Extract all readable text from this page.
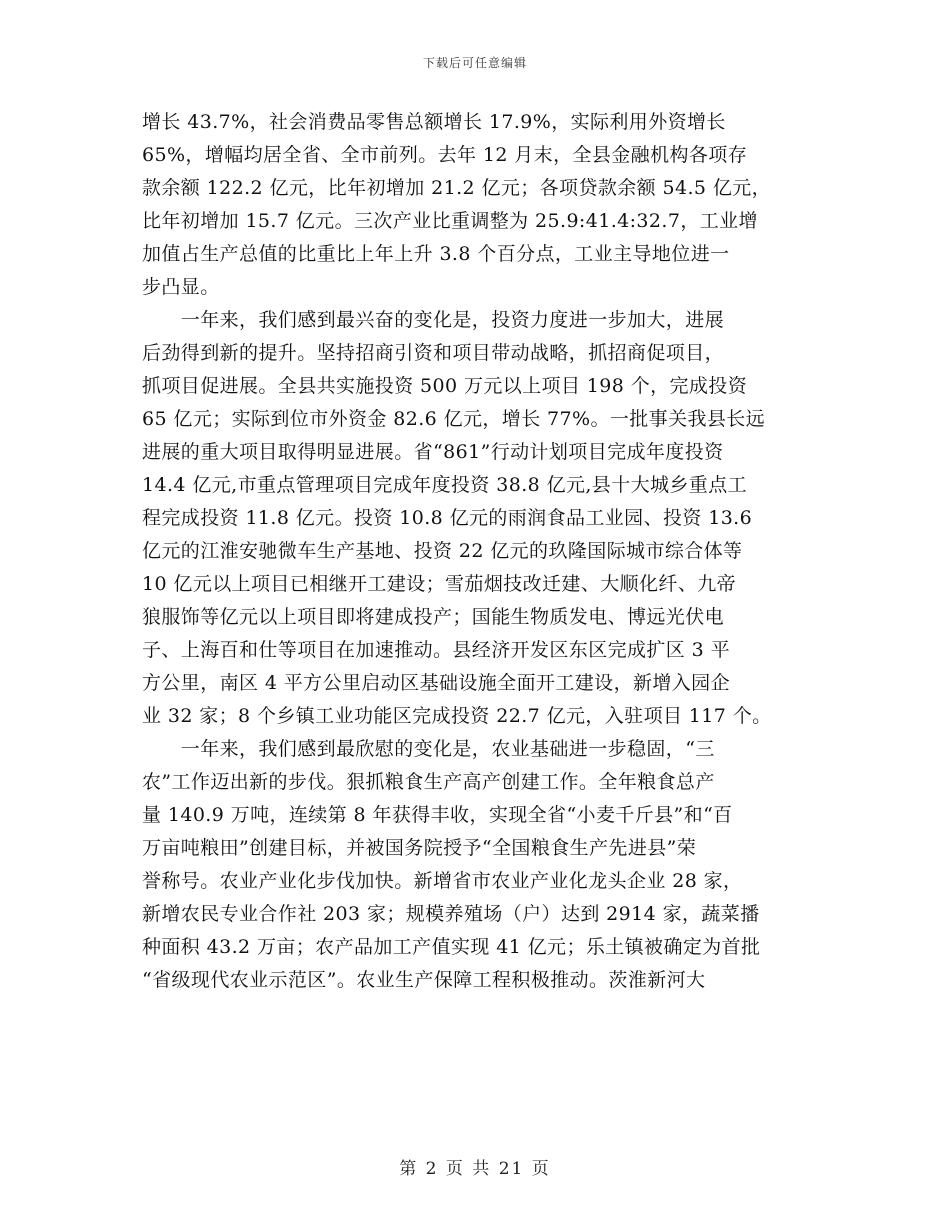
下载后可任意编辑
增长 43.7%，社会消费品零售总额增长 17.9%，实际利用外资增长
65%，增幅均居全省、全市前列。去年 12 月末，全县金融机构各项存
款余额 122.2 亿元，比年初增加 21.2 亿元；各项贷款余额 54.5 亿元，
比年初增加 15.7 亿元。三次产业比重调整为 25.9:41.4:32.7，工业增
加值占生产总值的比重比上年上升 3.8 个百分点，工业主导地位进一
步凸显。
　　一年来，我们感到最兴奋的变化是，投资力度进一步加大，进展
后劲得到新的提升。坚持招商引资和项目带动战略，抓招商促项目，
抓项目促进展。全县共实施投资 500 万元以上项目 198 个，完成投资
65 亿元；实际到位市外资金 82.6 亿元，增长 77%。一批事关我县长远
进展的重大项目取得明显进展。省“861”行动计划项目完成年度投资
14.4 亿元,市重点管理项目完成年度投资 38.8 亿元,县十大城乡重点工
程完成投资 11.8 亿元。投资 10.8 亿元的雨润食品工业园、投资 13.6
亿元的江淮安驰微车生产基地、投资 22 亿元的玖隆国际城市综合体等
10 亿元以上项目已相继开工建设；雪茄烟技改迁建、大顺化纤、九帝
狼服饰等亿元以上项目即将建成投产；国能生物质发电、博远光伏电
子、上海百和仕等项目在加速推动。县经济开发区东区完成扩区 3 平
方公里，南区 4 平方公里启动区基础设施全面开工建设，新增入园企
业 32 家；8 个乡镇工业功能区完成投资 22.7 亿元，入驻项目 117 个。
　　一年来，我们感到最欣慰的变化是，农业基础进一步稳固，“三
农”工作迈出新的步伐。狠抓粮食生产高产创建工作。全年粮食总产
量 140.9 万吨，连续第 8 年获得丰收，实现全省“小麦千斤县”和“百
万亩吨粮田”创建目标，并被国务院授予“全国粮食生产先进县”荣
誉称号。农业产业化步伐加快。新增省市农业产业化龙头企业 28 家，
新增农民专业合作社 203 家；规模养殖场（户）达到 2914 家，蔬菜播
种面积 43.2 万亩；农产品加工产值实现 41 亿元；乐土镇被确定为首批
“省级现代农业示范区”。农业生产保障工程积极推动。茨淮新河大
第 2 页 共 21 页
